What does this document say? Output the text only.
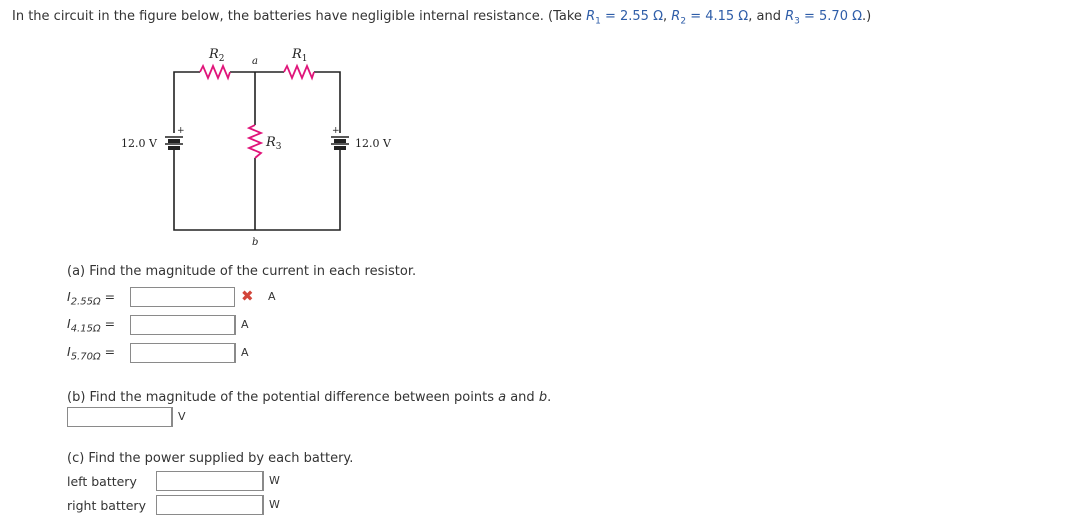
In the circuit in the figure below, the batteries have negligible internal resistance. (Take $R_1 = 2.55$ Ω, $R_2 = 4.15$ Ω, and $R_3 = 5.70$ Ω.)
$R_2$	$R_1$
$R_3$
a
b
12.0 V	12.0 V
+	+
(a) Find the magnitude of the current in each resistor.
$I_{2.55\Omega}$ =	✖ A
$I_{4.15\Omega}$ =	A
$I_{5.70\Omega}$ =	A
(b) Find the magnitude of the potential difference between points a and b.
V
(c) Find the power supplied by each battery.
left battery	W
right battery	W
